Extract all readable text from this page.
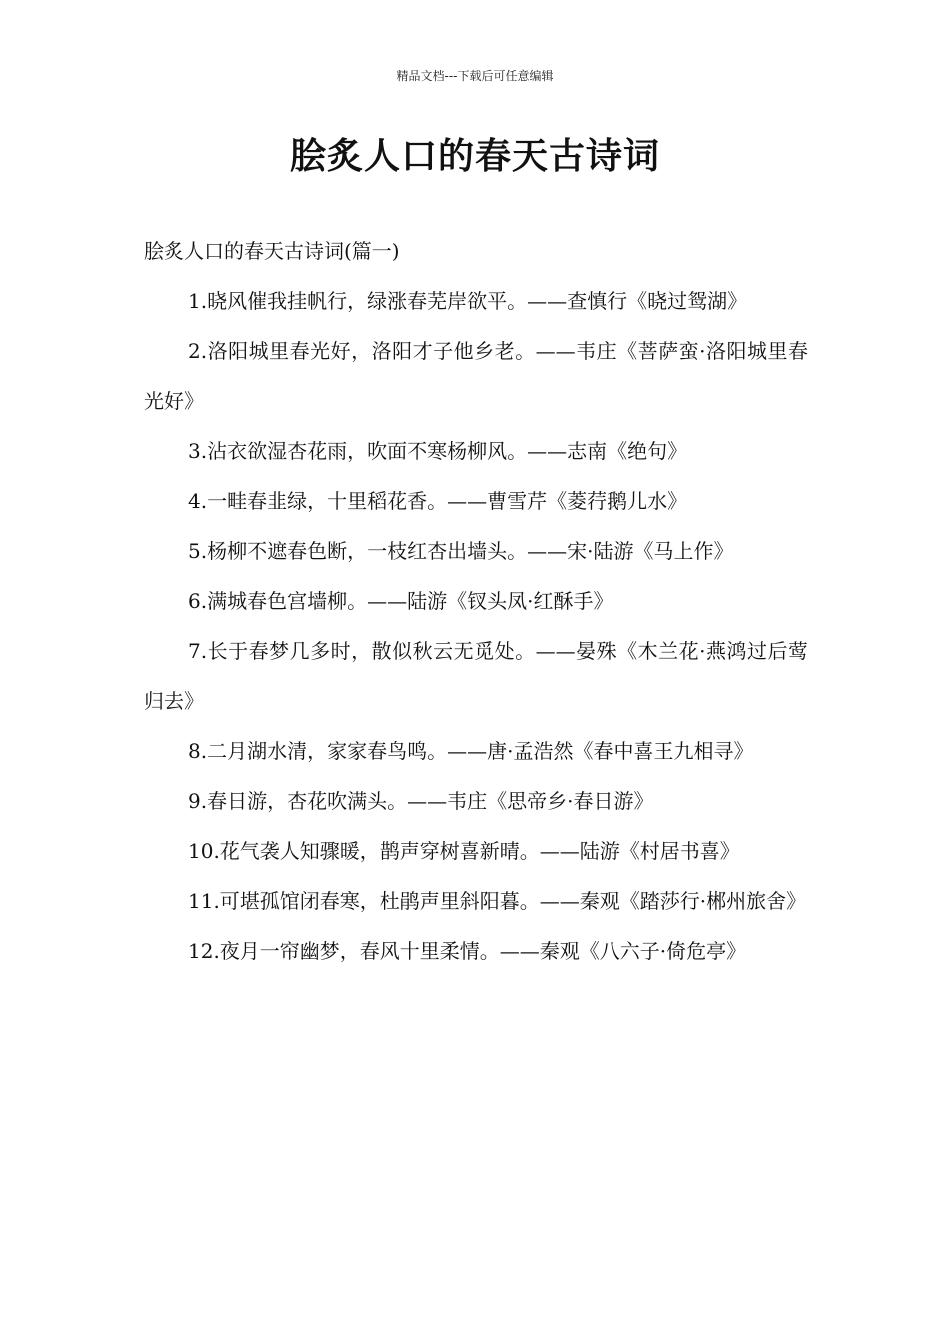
精品文档---下载后可任意编辑
脍炙人口的春天古诗词

脍炙人口的春天古诗词(篇一)

1.晓风催我挂帆行，绿涨春芜岸欲平。——查慎行《晓过鸳湖》
2.洛阳城里春光好，洛阳才子他乡老。——韦庄《菩萨蛮·洛阳城里春光好》
3.沾衣欲湿杏花雨，吹面不寒杨柳风。——志南《绝句》
4.一畦春韭绿，十里稻花香。——曹雪芹《菱荇鹅儿水》
5.杨柳不遮春色断，一枝红杏出墙头。——宋·陆游《马上作》
6.满城春色宫墙柳。——陆游《钗头凤·红酥手》
7.长于春梦几多时，散似秋云无觅处。——晏殊《木兰花·燕鸿过后莺归去》
8.二月湖水清，家家春鸟鸣。——唐·孟浩然《春中喜王九相寻》
9.春日游，杏花吹满头。——韦庄《思帝乡·春日游》
10.花气袭人知骤暖，鹊声穿树喜新晴。——陆游《村居书喜》
11.可堪孤馆闭春寒，杜鹃声里斜阳暮。——秦观《踏莎行·郴州旅舍》
12.夜月一帘幽梦，春风十里柔情。——秦观《八六子·倚危亭》
